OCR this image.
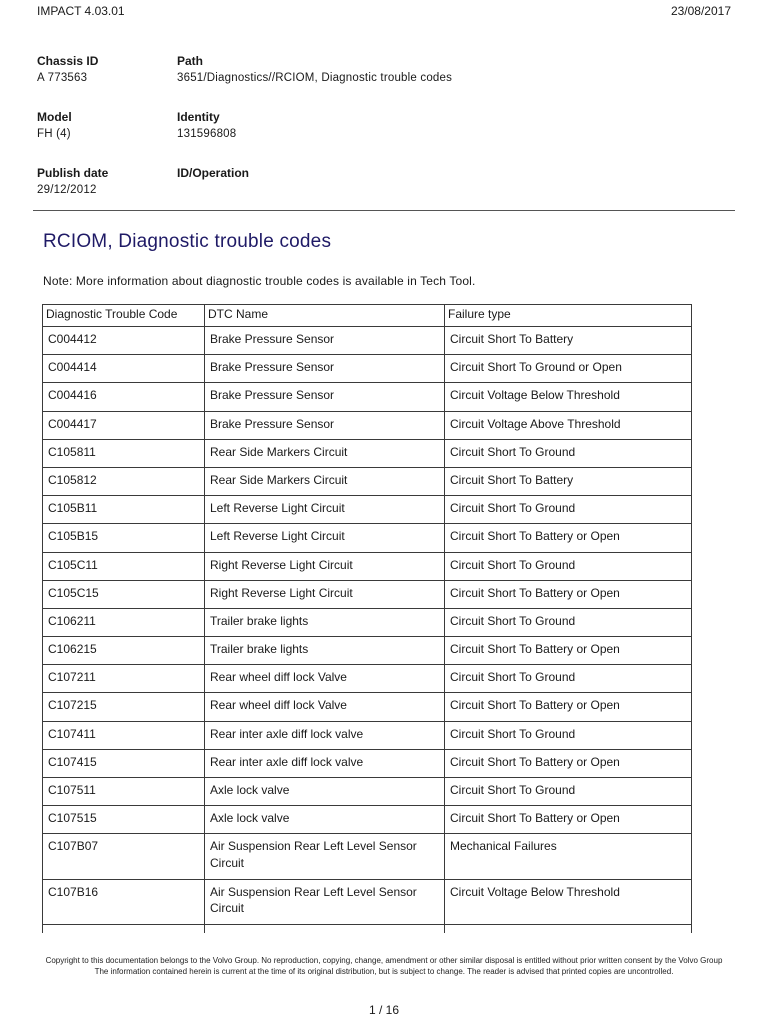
IMPACT 4.03.01	23/08/2017
Chassis ID
A 773563
Path
3651/Diagnostics//RCIOM, Diagnostic trouble codes
Model
FH (4)
Identity
131596808
Publish date
29/12/2012
ID/Operation
RCIOM, Diagnostic trouble codes
Note: More information about diagnostic trouble codes is available in Tech Tool.
Diagnostic Trouble Code	DTC Name	Failure type
C004412	Brake Pressure Sensor	Circuit Short To Battery
C004414	Brake Pressure Sensor	Circuit Short To Ground or Open
C004416	Brake Pressure Sensor	Circuit Voltage Below Threshold
C004417	Brake Pressure Sensor	Circuit Voltage Above Threshold
C105811	Rear Side Markers Circuit	Circuit Short To Ground
C105812	Rear Side Markers Circuit	Circuit Short To Battery
C105B11	Left Reverse Light Circuit	Circuit Short To Ground
C105B15	Left Reverse Light Circuit	Circuit Short To Battery or Open
C105C11	Right Reverse Light Circuit	Circuit Short To Ground
C105C15	Right Reverse Light Circuit	Circuit Short To Battery or Open
C106211	Trailer brake lights	Circuit Short To Ground
C106215	Trailer brake lights	Circuit Short To Battery or Open
C107211	Rear wheel diff lock Valve	Circuit Short To Ground
C107215	Rear wheel diff lock Valve	Circuit Short To Battery or Open
C107411	Rear inter axle diff lock valve	Circuit Short To Ground
C107415	Rear inter axle diff lock valve	Circuit Short To Battery or Open
C107511	Axle lock valve	Circuit Short To Ground
C107515	Axle lock valve	Circuit Short To Battery or Open
C107B07	Air Suspension Rear Left Level Sensor Circuit	Mechanical Failures
C107B16	Air Suspension Rear Left Level Sensor Circuit	Circuit Voltage Below Threshold

Copyright to this documentation belongs to the Volvo Group. No reproduction, copying, change, amendment or other similar disposal is entitled without prior written consent by the Volvo Group
The information contained herein is current at the time of its original distribution, but is subject to change. The reader is advised that printed copies are uncontrolled.
1 / 16
